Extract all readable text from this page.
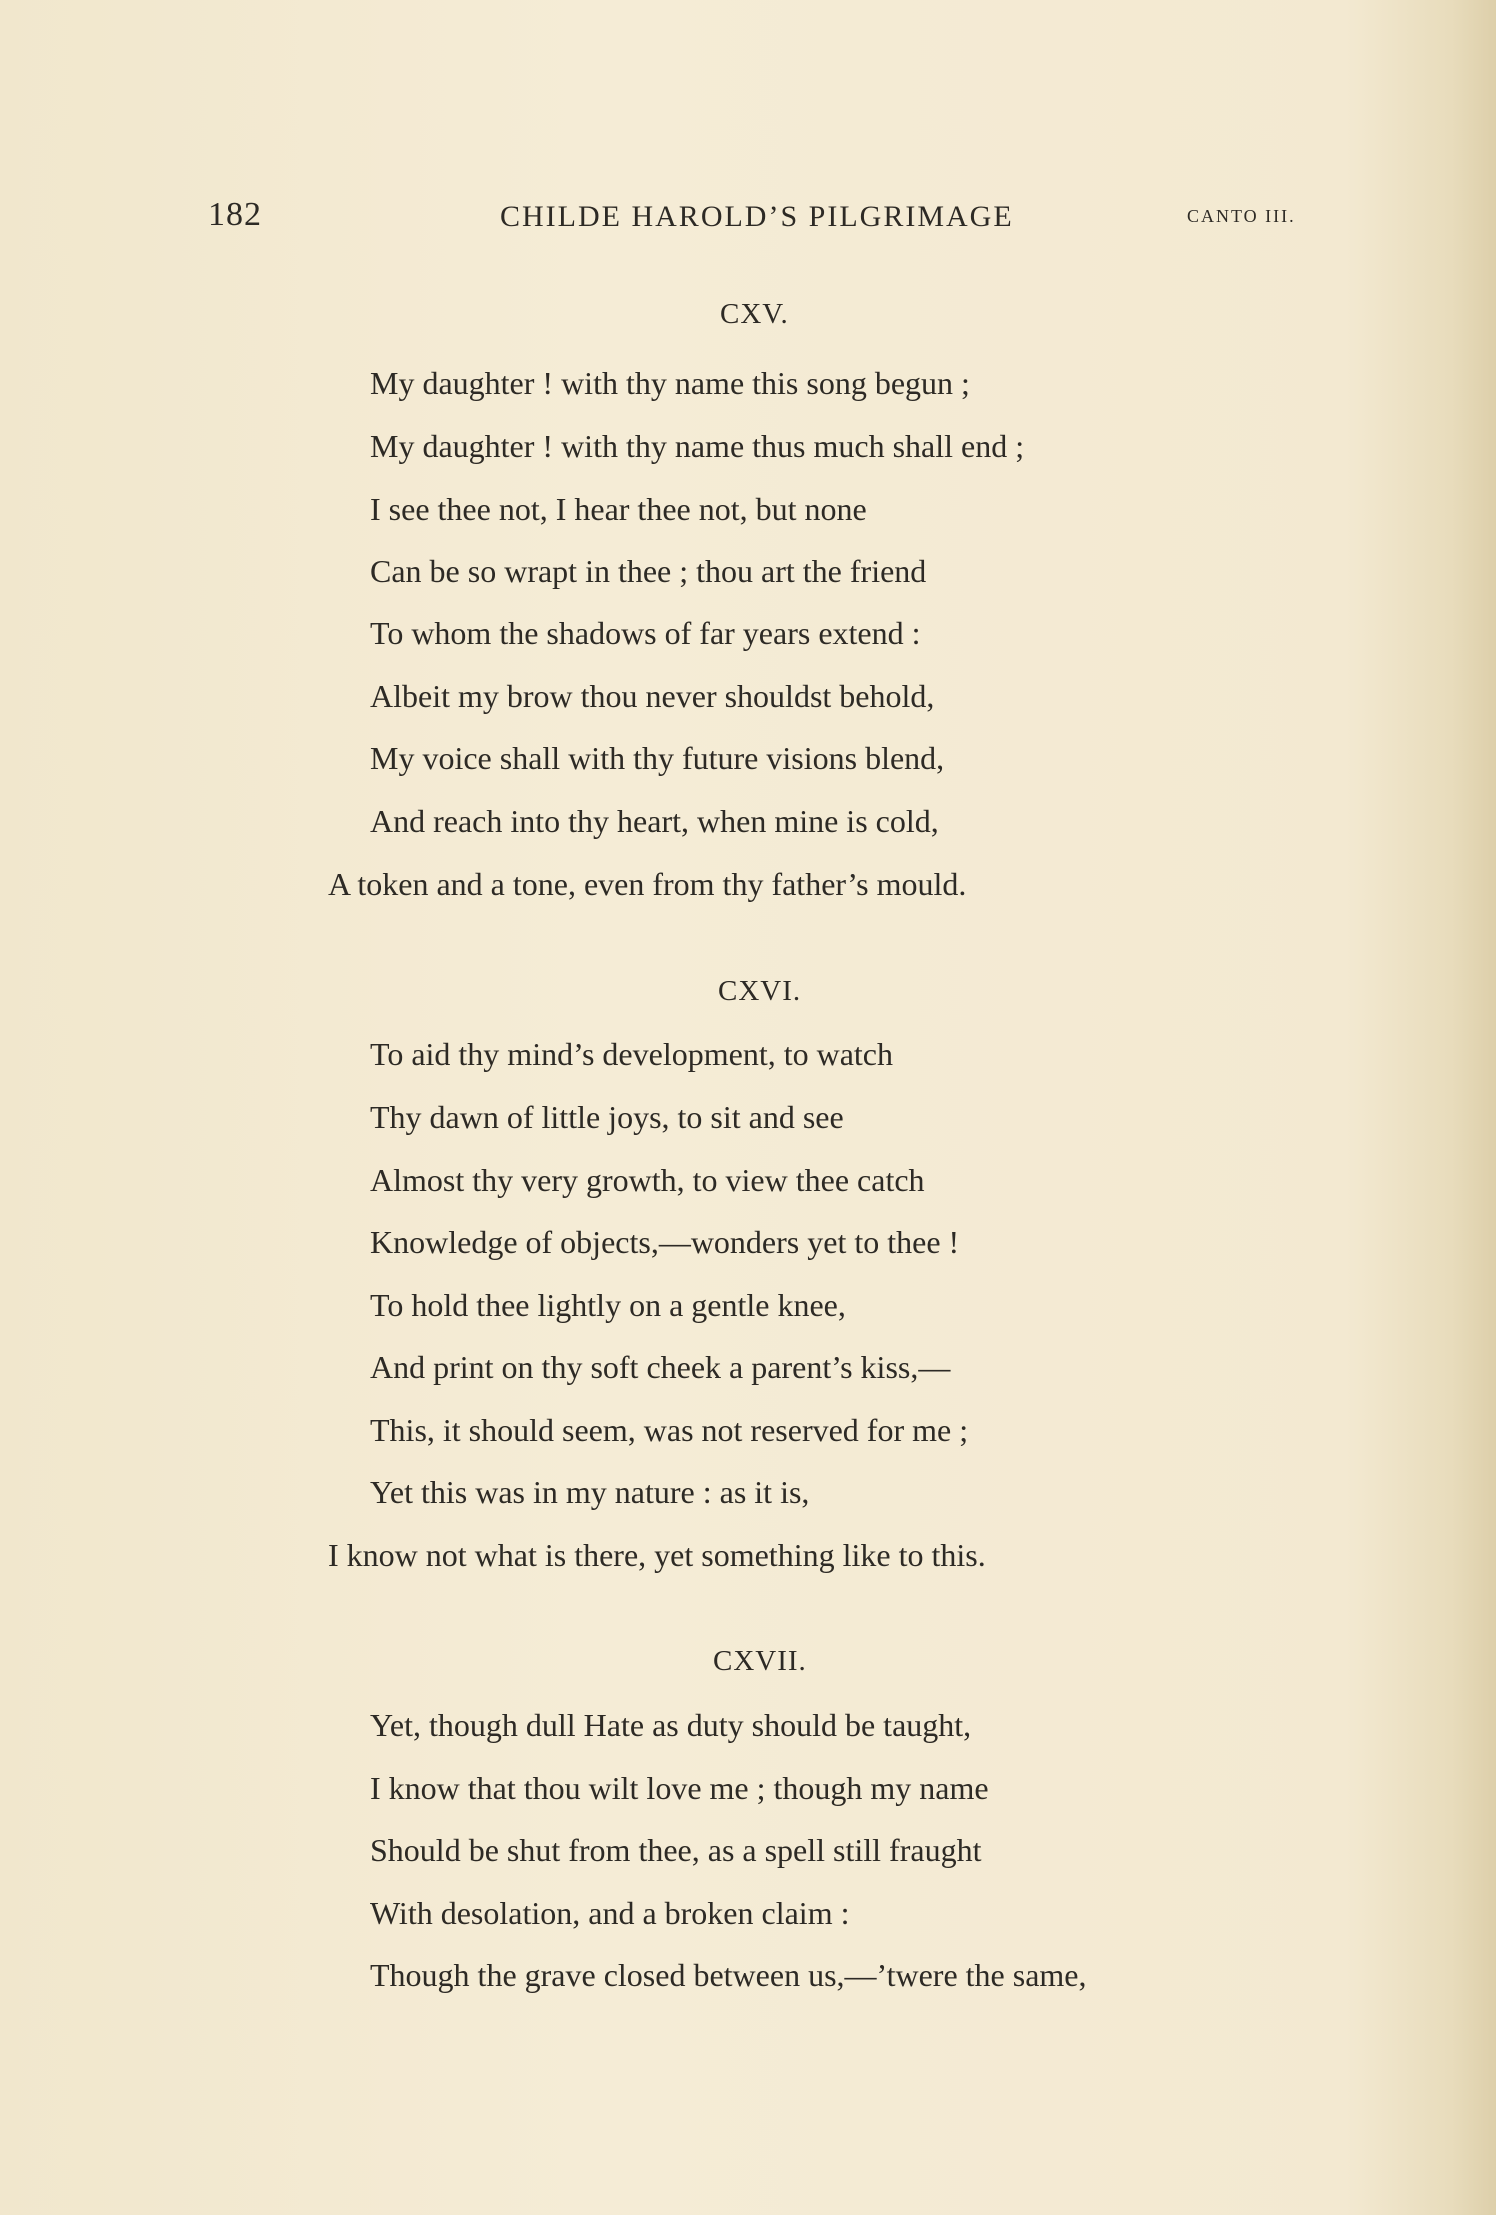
182	CHILDE HAROLD’S PILGRIMAGE	CANTO III.
CXV.
My daughter ! with thy name this song begun ;
My daughter ! with thy name thus much shall end ;
I see thee not, I hear thee not, but none
Can be so wrapt in thee ; thou art the friend
To whom the shadows of far years extend :
Albeit my brow thou never shouldst behold,
My voice shall with thy future visions blend,
And reach into thy heart, when mine is cold,
A token and a tone, even from thy father’s mould.
CXVI.
To aid thy mind’s development, to watch
Thy dawn of little joys, to sit and see
Almost thy very growth, to view thee catch
Knowledge of objects,—wonders yet to thee !
To hold thee lightly on a gentle knee,
And print on thy soft cheek a parent’s kiss,—
This, it should seem, was not reserved for me ;
Yet this was in my nature : as it is,
I know not what is there, yet something like to this.
CXVII.
Yet, though dull Hate as duty should be taught,
I know that thou wilt love me ; though my name
Should be shut from thee, as a spell still fraught
With desolation, and a broken claim :
Though the grave closed between us,—’twere the same,
